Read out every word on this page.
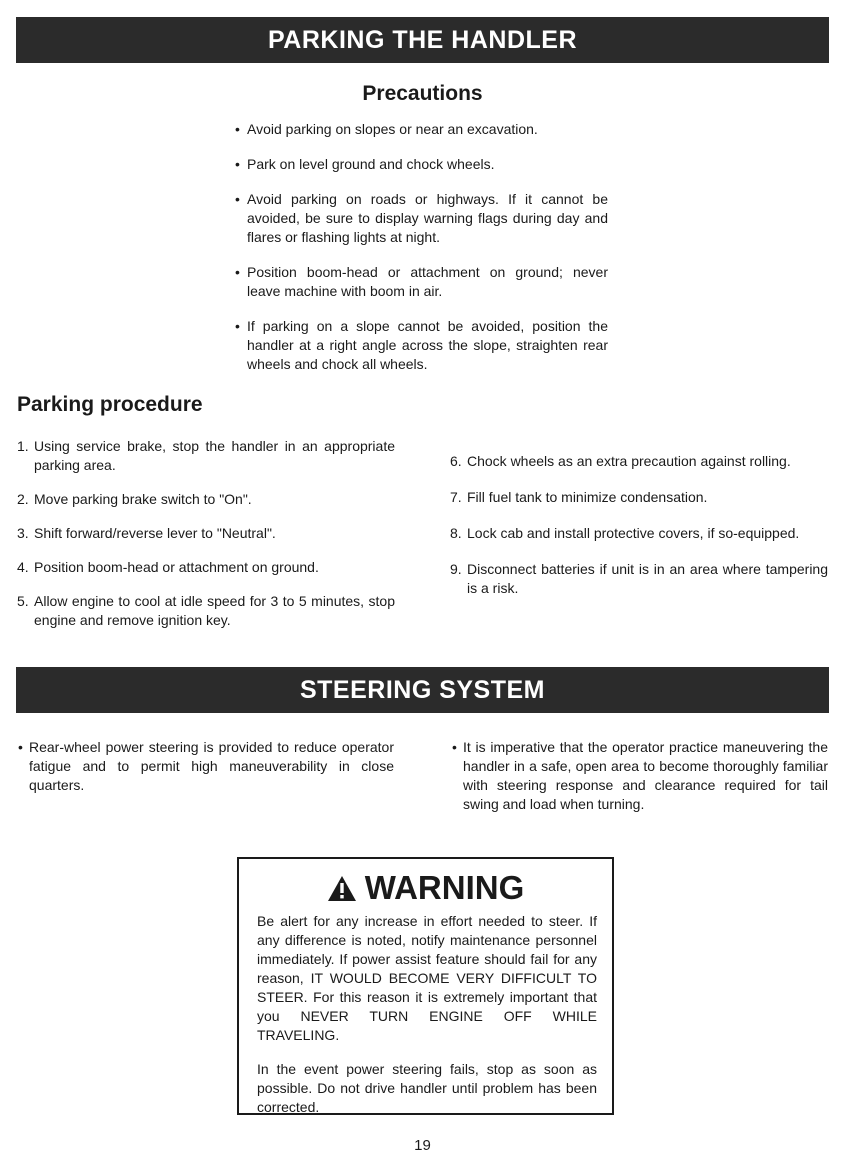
PARKING THE HANDLER
Precautions
• Avoid parking on slopes or near an excavation.
• Park on level ground and chock wheels.
• Avoid parking on roads or highways. If it cannot be avoided, be sure to display warning flags during day and flares or flashing lights at night.
• Position boom-head or attachment on ground; never leave machine with boom in air.
• If parking on a slope cannot be avoided, position the handler at a right angle across the slope, straighten rear wheels and chock all wheels.
Parking procedure
1. Using service brake, stop the handler in an appropriate parking area.
2. Move parking brake switch to "On".
3. Shift forward/reverse lever to "Neutral".
4. Position boom-head or attachment on ground.
5. Allow engine to cool at idle speed for 3 to 5 minutes, stop engine and remove ignition key.
6. Chock wheels as an extra precaution against rolling.
7. Fill fuel tank to minimize condensation.
8. Lock cab and install protective covers, if so-equipped.
9. Disconnect batteries if unit is in an area where tampering is a risk.
STEERING SYSTEM
• Rear-wheel power steering is provided to reduce operator fatigue and to permit high maneuverability in close quarters.
• It is imperative that the operator practice maneuvering the handler in a safe, open area to become thoroughly familiar with steering response and clearance required for tail swing and load when turning.
WARNING

Be alert for any increase in effort needed to steer. If any difference is noted, notify maintenance personnel immediately. If power assist feature should fail for any reason, IT WOULD BECOME VERY DIFFICULT TO STEER. For this reason it is extremely important that you NEVER TURN ENGINE OFF WHILE TRAVELING.

In the event power steering fails, stop as soon as possible. Do not drive handler until problem has been corrected.

19
